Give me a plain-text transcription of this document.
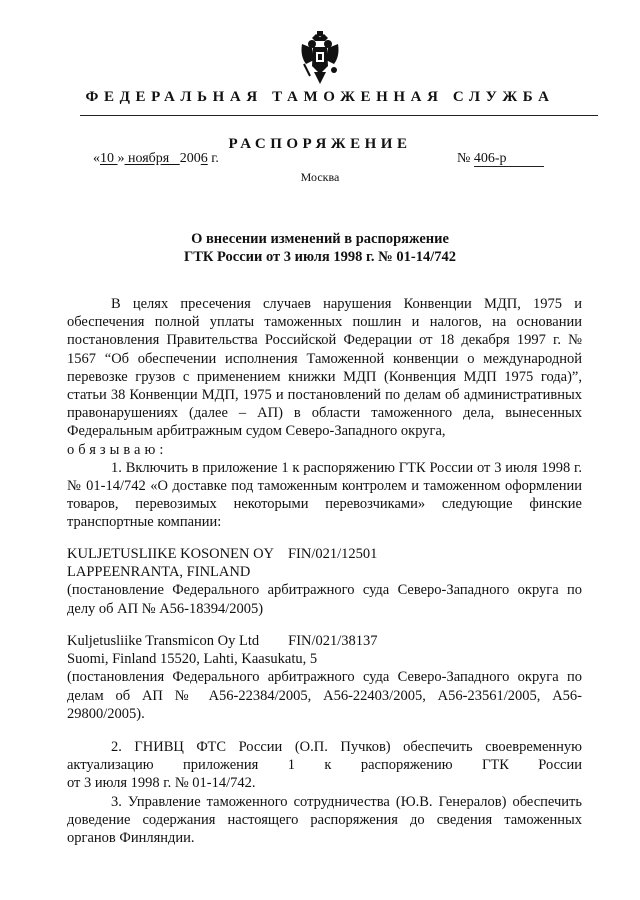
ФЕДЕРАЛЬНАЯ ТАМОЖЕННАЯ СЛУЖБА
РАСПОРЯЖЕНИЕ
«10 » ноября   2006 г.	№ 406-р
Москва
О внесении изменений в распоряжение
ГТК России от 3 июля 1998 г. № 01-14/742

В целях пресечения случаев нарушения Конвенции МДП, 1975 и обеспечения полной уплаты таможенных пошлин и налогов, на основании постановления Правительства Российской Федерации от 18 декабря 1997 г. № 1567 “Об обеспечении исполнения Таможенной конвенции о международной перевозке грузов с применением книжки МДП (Конвенция МДП 1975 года)”, статьи 38 Конвенции МДП, 1975 и постановлений по делам об административных правонарушениях (далее – АП) в области таможенного дела, вынесенных Федеральным арбитражным судом Северо-Западного округа,

обязываю:

1. Включить в приложение 1 к распоряжению ГТК России от 3 июля 1998 г. № 01-14/742 «О доставке под таможенным контролем и таможенном оформлении товаров, перевозимых некоторыми перевозчиками» следующие финские транспортные компании:

KULJETUSLIIKE KOSONEN OY FIN/021/12501
LAPPEENRANTA, FINLAND

(постановление Федерального арбитражного суда Северо-Западного округа по делу об АП № А56-18394/2005)

Kuljetusliike Transmicon Oy Ltd FIN/021/38137
Suomi, Finland 15520, Lahti, Kaasukatu, 5

(постановления Федерального арбитражного суда Северо-Западного округа по делам об АП № А56-22384/2005, А56-22403/2005, А56-23561/2005, А56-29800/2005).

2. ГНИВЦ ФТС России (О.П. Пучков) обеспечить своевременную актуализацию приложения 1 к распоряжению ГТК России

от 3 июля 1998 г. № 01-14/742.

3. Управление таможенного сотрудничества (Ю.В. Генералов) обеспечить доведение содержания настоящего распоряжения до сведения таможенных органов Финляндии.
